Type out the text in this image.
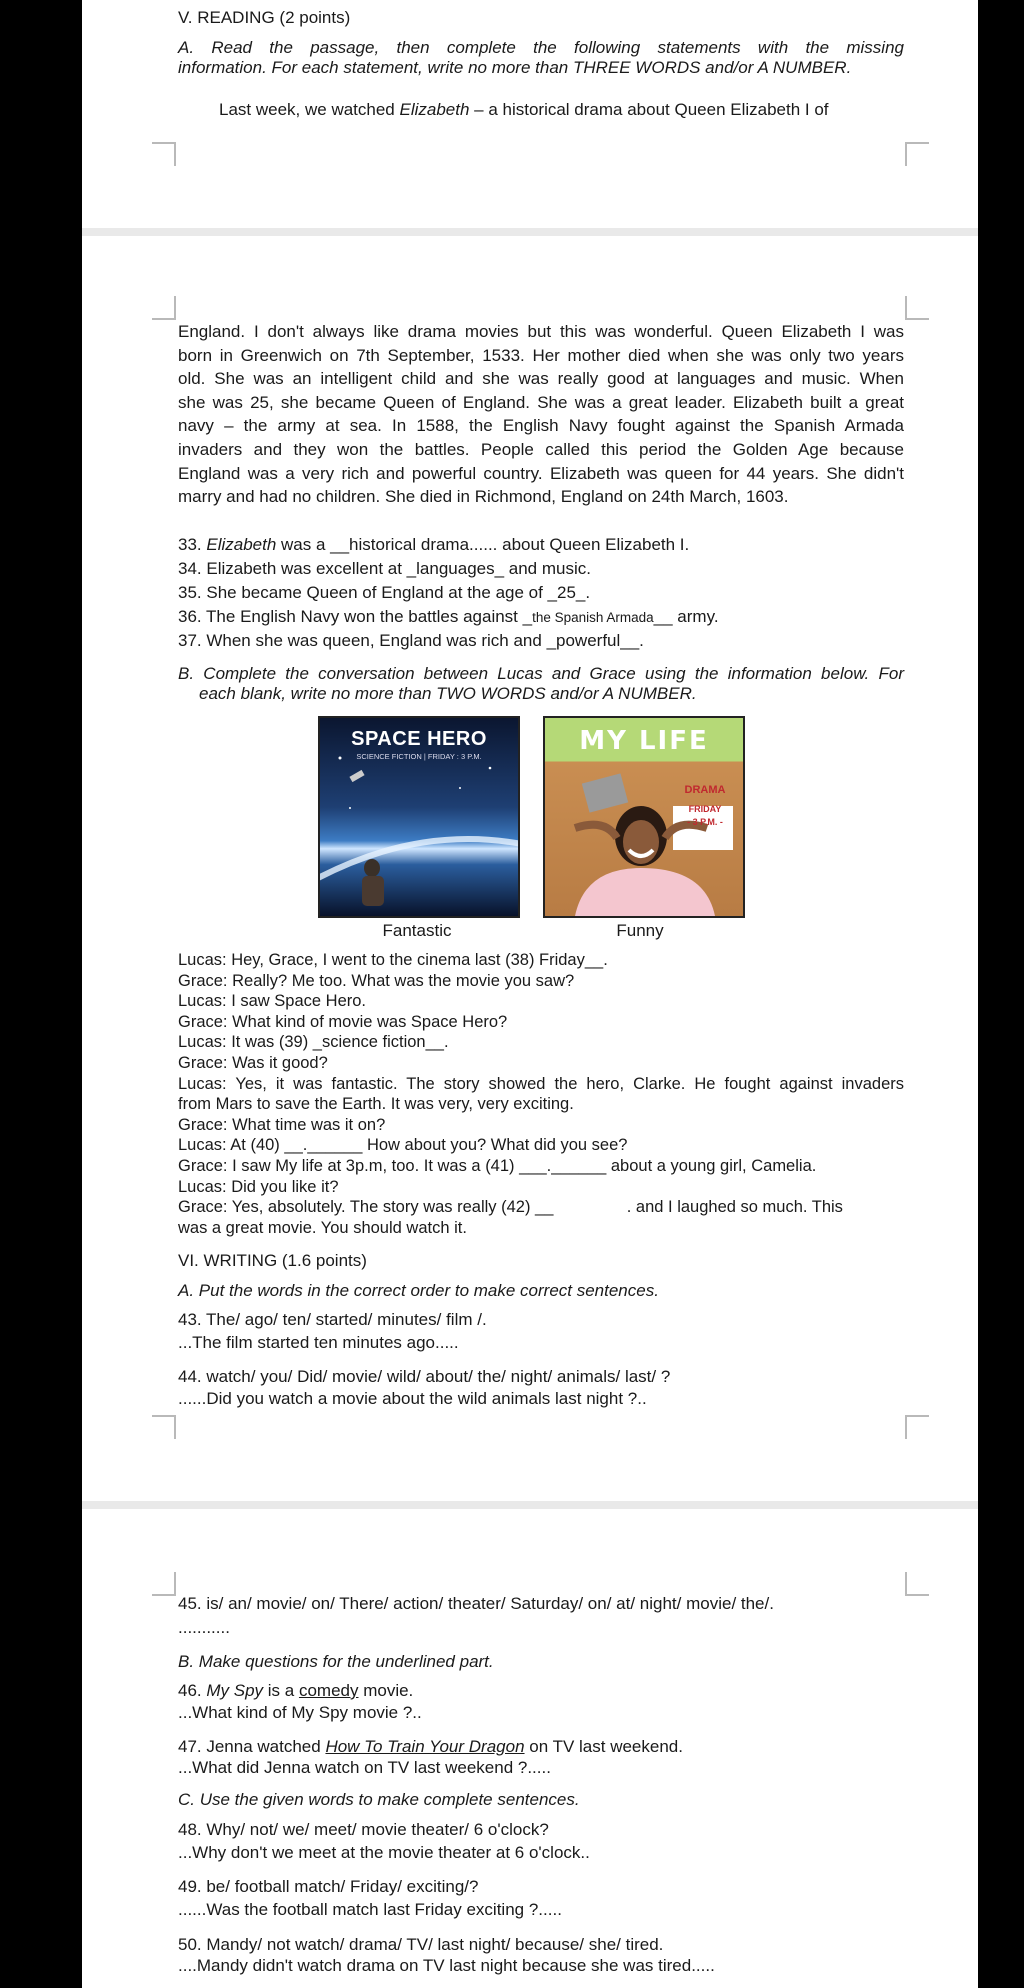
V. READING (2 points)
A. Read the passage, then complete the following statements with the missing
information. For each statement, write no more than THREE WORDS and/or A NUMBER.
Last week, we watched Elizabeth – a historical drama about Queen Elizabeth I of
England. I don't always like drama movies but this was wonderful. Queen Elizabeth I was
born in Greenwich on 7th September, 1533. Her mother died when she was only two years
old. She was an intelligent child and she was really good at languages and music. When
she was 25, she became Queen of England. She was a great leader. Elizabeth built a great
navy – the army at sea. In 1588, the English Navy fought against the Spanish Armada
invaders and they won the battles. People called this period the Golden Age because
England was a very rich and powerful country. Elizabeth was queen for 44 years. She didn't
marry and had no children. She died in Richmond, England on 24th March, 1603.
33. Elizabeth was a __historical drama...... about Queen Elizabeth I.
34. Elizabeth was excellent at _languages_ and music.
35. She became Queen of England at the age of _25_.
36. The English Navy won the battles against _the Spanish Armada__ army.
37. When she was queen, England was rich and _powerful__.
B. Complete the conversation between Lucas and Grace using the information below. For
each blank, write no more than TWO WORDS and/or A NUMBER.
SPACE HERO
SCIENCE FICTION | FRIDAY : 3 P.M.
Fantastic
MY LIFE
DRAMA
FRIDAY
- 3 P.M. -
Funny
Lucas: Hey, Grace, I went to the cinema last (38) Friday__.
Grace: Really? Me too. What was the movie you saw?
Lucas: I saw Space Hero.
Grace: What kind of movie was Space Hero?
Lucas: It was (39) _science fiction__.
Grace: Was it good?
Lucas: Yes, it was fantastic. The story showed the hero, Clarke. He fought against invaders
from Mars to save the Earth. It was very, very exciting.
Grace: What time was it on?
Lucas: At (40) __.______ How about you? What did you see?
Grace: I saw My life at 3p.m, too. It was a (41) ___.______ about a young girl, Camelia.
Lucas: Did you like it?
Grace: Yes, absolutely. The story was really (42) __                . and I laughed so much. This
was a great movie. You should watch it.
VI. WRITING (1.6 points)
A. Put the words in the correct order to make correct sentences.
43. The/ ago/ ten/ started/ minutes/ film /.
...The film started ten minutes ago.....
44. watch/ you/ Did/ movie/ wild/ about/ the/ night/ animals/ last/ ?
......Did you watch a movie about the wild animals last night ?..
45. is/ an/ movie/ on/ There/ action/ theater/ Saturday/ on/ at/ night/ movie/ the/.
...........
B. Make questions for the underlined part.
46. My Spy is a comedy movie.
...What kind of My Spy movie ?..
47. Jenna watched How To Train Your Dragon on TV last weekend.
...What did Jenna watch on TV last weekend ?.....
C. Use the given words to make complete sentences.
48. Why/ not/ we/ meet/ movie theater/ 6 o'clock?
...Why don't we meet at the movie theater at 6 o'clock..
49. be/ football match/ Friday/ exciting/?
......Was the football match last Friday exciting ?.....
50. Mandy/ not watch/ drama/ TV/ last night/ because/ she/ tired.
....Mandy didn't watch drama on TV last night because she was tired.....
